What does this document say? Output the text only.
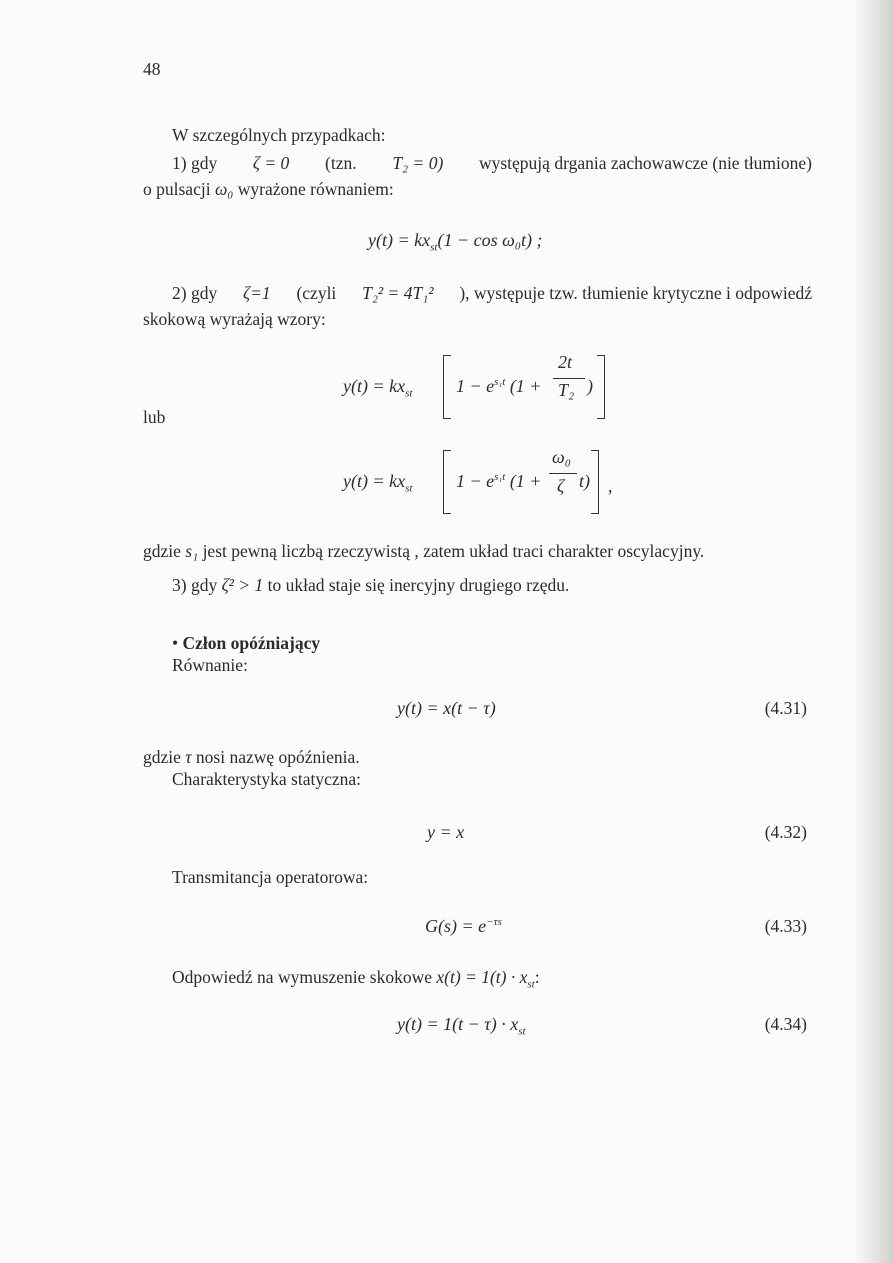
48
W szczególnych przypadkach:
1) gdy ζ = 0 (tzn. T₂ = 0) występują drgania zachowawcze (nie tłumione)
o pulsacji ω₀ wyrażone równaniem:
$y(t) = kx_{st}(1 - \cos \omega_0t)$ ;
2) gdy ζ=1 (czyli T₂² = 4T₁² ), występuje tzw. tłumienie krytyczne i odpowiedź
skokową wyrażają wzory:
$y(t) = kx_{st}$ $1 - e^{s_1t}$ (1 +
2t
T₂ )
lub
$y(t) = kx_{st}$ $1 - e^{s_1t}$ (1 +
ω₀
ζ t) ,
gdzie s₁ jest pewną liczbą rzeczywistą , zatem układ traci charakter oscylacyjny.
3) gdy ζ² > 1 to układ staje się inercyjny drugiego rzędu.
• Człon opóźniający
Równanie:
y(t) = x(t − τ)	(4.31)
gdzie τ nosi nazwę opóźnienia.
Charakterystyka statyczna:
y = x	(4.32)
Transmitancja operatorowa:
$G(s) = e^{-\tau s}$	(4.33)
Odpowiedź na wymuszenie skokowe $x(t) = 1(t) \cdot x_{st}$:
$y(t) = 1(t - \tau) \cdot x_{st}$	(4.34)
